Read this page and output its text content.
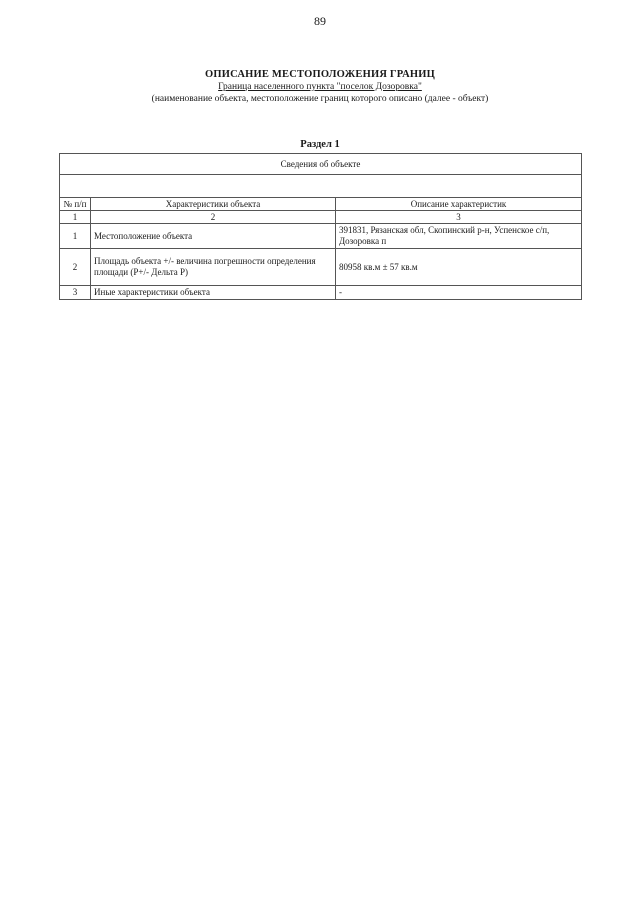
89
ОПИСАНИЕ МЕСТОПОЛОЖЕНИЯ ГРАНИЦ
Граница населенного пункта "поселок Дозоровка"
(наименование объекта, местоположение границ которого описано (далее - объект)
Раздел 1
Сведения об объекте		

№ п/п	Характеристики объекта	Описание характеристик
1	2	3
1	Местоположение объекта	391831, Рязанская обл, Скопинский р-н, Успенское с/п, Дозоровка п
2	Площадь объекта +/- величина погрешности определения площади (Р+/- Дельта Р)	80958 кв.м ± 57 кв.м
3	Иные характеристики объекта	-
